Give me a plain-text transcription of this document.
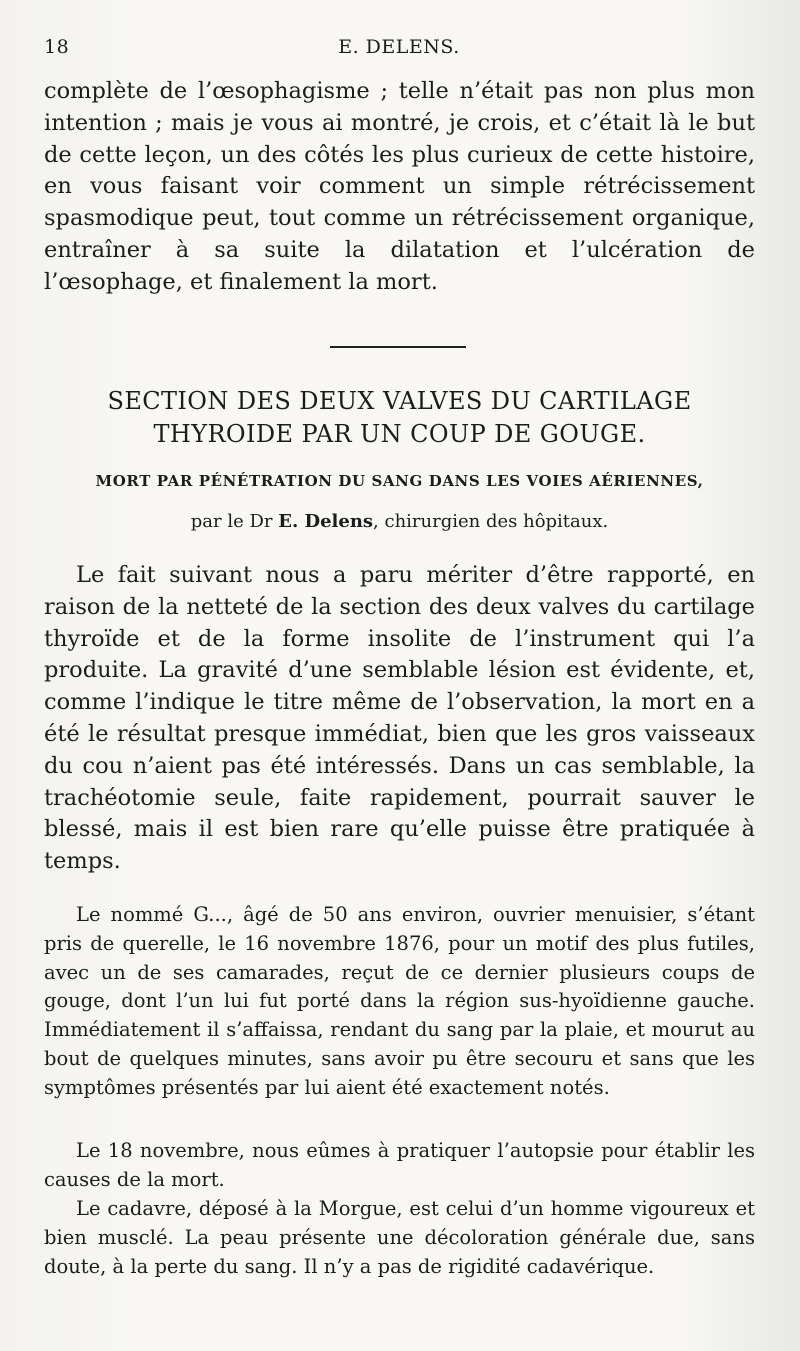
18	E. DELENS.

complète de l’œsophagisme ; telle n’était pas non plus mon intention ; mais je vous ai montré, je crois, et c’était là le but de cette leçon, un des côtés les plus curieux de cette histoire, en vous faisant voir comment un simple rétrécissement spasmodique peut, tout comme un rétrécissement organique, entraîner à sa suite la dilatation et l’ulcération de l’œsophage, et finalement la mort.

SECTION DES DEUX VALVES DU CARTILAGE
THYROIDE PAR UN COUP DE GOUGE.
MORT PAR PÉNÉTRATION DU SANG DANS LES VOIES AÉRIENNES,
par le Dr E. Delens, chirurgien des hôpitaux.

Le fait suivant nous a paru mériter d’être rapporté, en raison de la netteté de la section des deux valves du cartilage thyroïde et de la forme insolite de l’instrument qui l’a produite. La gravité d’une semblable lésion est évidente, et, comme l’indique le titre même de l’observation, la mort en a été le résultat presque immédiat, bien que les gros vaisseaux du cou n’aient pas été intéressés. Dans un cas semblable, la trachéotomie seule, faite rapidement, pourrait sauver le blessé, mais il est bien rare qu’elle puisse être pratiquée à temps.

Le nommé G..., âgé de 50 ans environ, ouvrier menuisier, s’étant pris de querelle, le 16 novembre 1876, pour un motif des plus futiles, avec un de ses camarades, reçut de ce dernier plusieurs coups de gouge, dont l’un lui fut porté dans la région sus-hyoïdienne gauche. Immédiatement il s’affaissa, rendant du sang par la plaie, et mourut au bout de quelques minutes, sans avoir pu être secouru et sans que les symptômes présentés par lui aient été exactement notés.

Le 18 novembre, nous eûmes à pratiquer l’autopsie pour établir les causes de la mort.

Le cadavre, déposé à la Morgue, est celui d’un homme vigoureux et bien musclé. La peau présente une décoloration générale due, sans doute, à la perte du sang. Il n’y a pas de rigidité cadavérique.
